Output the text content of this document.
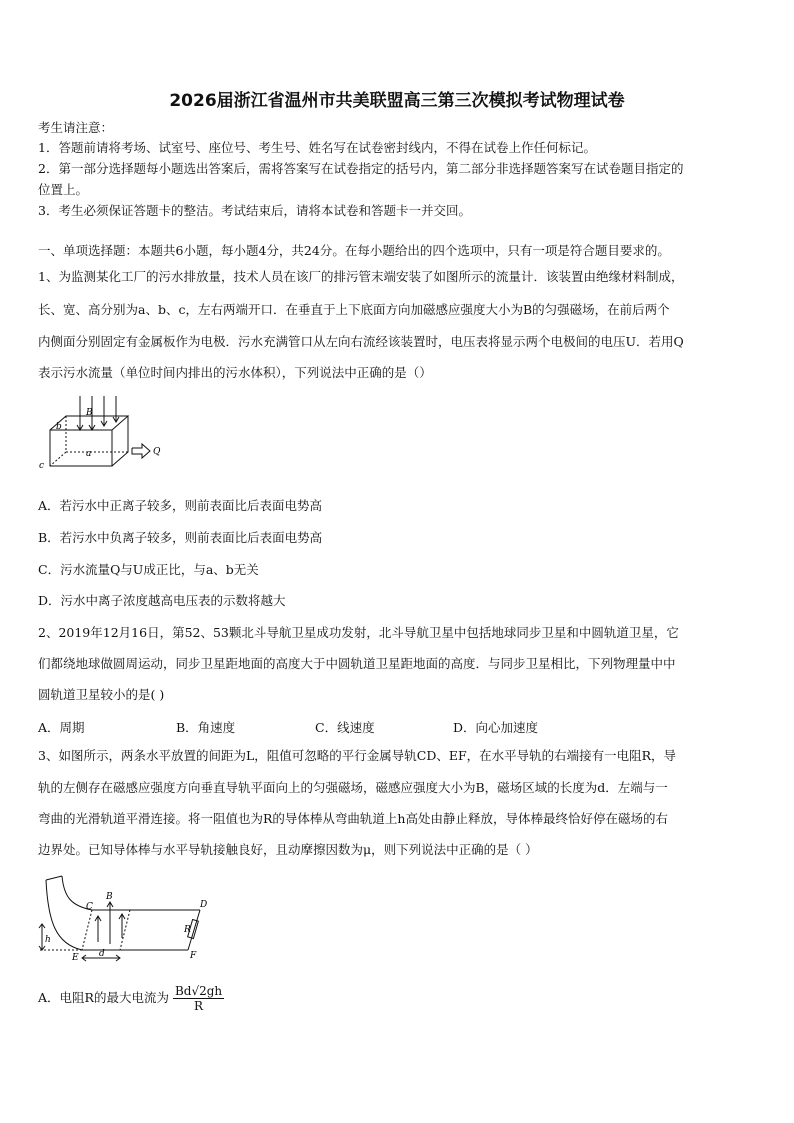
2026届浙江省温州市共美联盟高三第三次模拟考试物理试卷
考生请注意：
1．答题前请将考场、试室号、座位号、考生号、姓名写在试卷密封线内，不得在试卷上作任何标记。
2．第一部分选择题每小题选出答案后，需将答案写在试卷指定的括号内，第二部分非选择题答案写在试卷题目指定的
位置上。
3．考生必须保证答题卡的整洁。考试结束后，请将本试卷和答题卡一并交回。
一、单项选择题：本题共6小题，每小题4分，共24分。在每小题给出的四个选项中，只有一项是符合题目要求的。
1、为监测某化工厂的污水排放量，技术人员在该厂的排污管末端安装了如图所示的流量计．该装置由绝缘材料制成，
长、宽、高分别为a、b、c，左右两端开口．在垂直于上下底面方向加磁感应强度大小为B的匀强磁场，在前后两个
内侧面分别固定有金属板作为电极．污水充满管口从左向右流经该装置时，电压表将显示两个电极间的电压U．若用Q
表示污水流量（单位时间内排出的污水体积），下列说法中正确的是（）
b
B
a
c
Q
A．若污水中正离子较多，则前表面比后表面电势高
B．若污水中负离子较多，则前表面比后表面电势高
C．污水流量Q与U成正比，与a、b无关
D．污水中离子浓度越高电压表的示数将越大
2、2019年12月16日，第52、53颗北斗导航卫星成功发射，北斗导航卫星中包括地球同步卫星和中圆轨道卫星，它
们都绕地球做圆周运动，同步卫星距地面的高度大于中圆轨道卫星距地面的高度．与同步卫星相比，下列物理量中中
圆轨道卫星较小的是( )
A．周期	B．角速度	C．线速度	D．向心加速度
3、如图所示，两条水平放置的间距为L，阻值可忽略的平行金属导轨CD、EF，在水平导轨的右端接有一电阻R，导
轨的左侧存在磁感应强度方向垂直导轨平面向上的匀强磁场，磁感应强度大小为B，磁场区域的长度为d．左端与一
弯曲的光滑轨道平滑连接。将一阻值也为R的导体棒从弯曲轨道上h高处由静止释放，导体棒最终恰好停在磁场的右
边界处。已知导体棒与水平导轨接触良好，且动摩擦因数为μ，则下列说法中正确的是（ ）
B
C	D
E	F
R
h
d
A．电阻R的最大电流为 $\frac{Bd√2gh}{R}$
